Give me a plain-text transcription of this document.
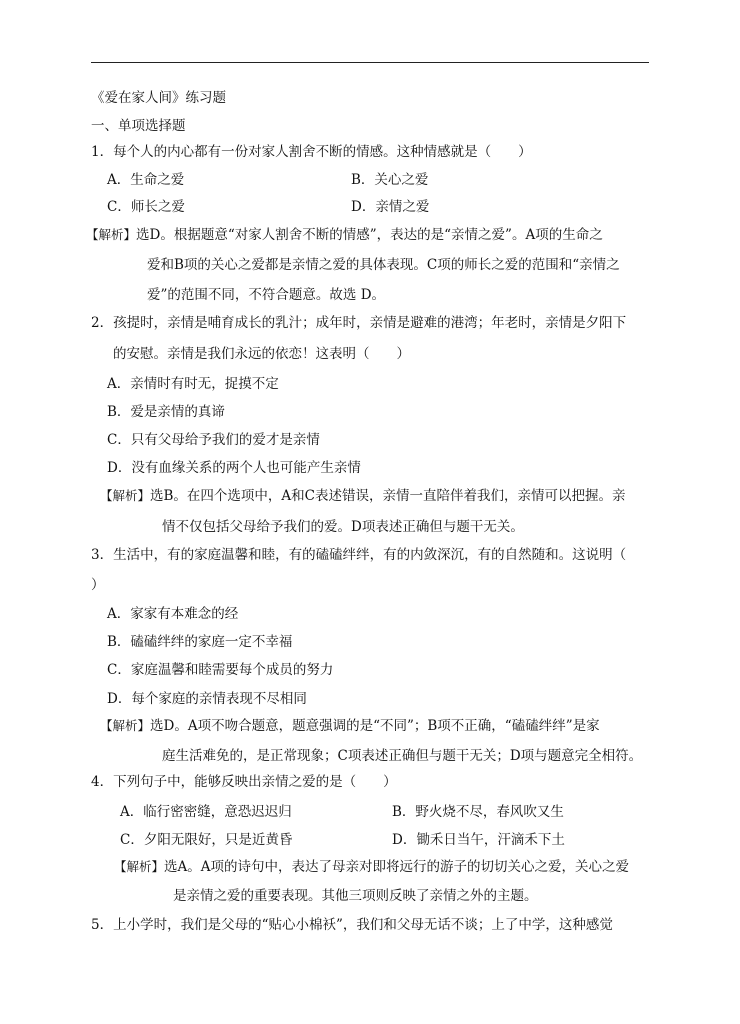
《爱在家人间》练习题
一、单项选择题
1．每个人的内心都有一份对家人割舍不断的情感。这种情感就是（　　）
A．生命之爱	B．关心之爱
C．师长之爱	D．亲情之爱
【解析】选D。根据题意“对家人割舍不断的情感”，表达的是“亲情之爱”。A项的生命之
爱和B项的关心之爱都是亲情之爱的具体表现。C项的师长之爱的范围和“亲情之
爱”的范围不同，不符合题意。故选 D。
2．孩提时，亲情是哺育成长的乳汁；成年时，亲情是避难的港湾；年老时，亲情是夕阳下
的安慰。亲情是我们永远的依恋！这表明（　　）
A．亲情时有时无，捉摸不定
B．爱是亲情的真谛
C．只有父母给予我们的爱才是亲情
D．没有血缘关系的两个人也可能产生亲情
【解析】选B。在四个选项中，A和C表述错误，亲情一直陪伴着我们，亲情可以把握。亲
情不仅包括父母给予我们的爱。D项表述正确但与题干无关。
3．生活中，有的家庭温馨和睦，有的磕磕绊绊，有的内敛深沉，有的自然随和。这说明（
）
A．家家有本难念的经
B．磕磕绊绊的家庭一定不幸福
C．家庭温馨和睦需要每个成员的努力
D．每个家庭的亲情表现不尽相同
【解析】选D。A项不吻合题意，题意强调的是“不同”；B项不正确，“磕磕绊绊”是家
庭生活难免的，是正常现象；C项表述正确但与题干无关；D项与题意完全相符。
4．下列句子中，能够反映出亲情之爱的是（　　）
A．临行密密缝，意恐迟迟归	B．野火烧不尽，春风吹又生
C．夕阳无限好，只是近黄昏	D．锄禾日当午，汗滴禾下土
【解析】选A。A项的诗句中，表达了母亲对即将远行的游子的切切关心之爱，关心之爱
是亲情之爱的重要表现。其他三项则反映了亲情之外的主题。
5．上小学时，我们是父母的“贴心小棉袄”，我们和父母无话不谈；上了中学，这种感觉
